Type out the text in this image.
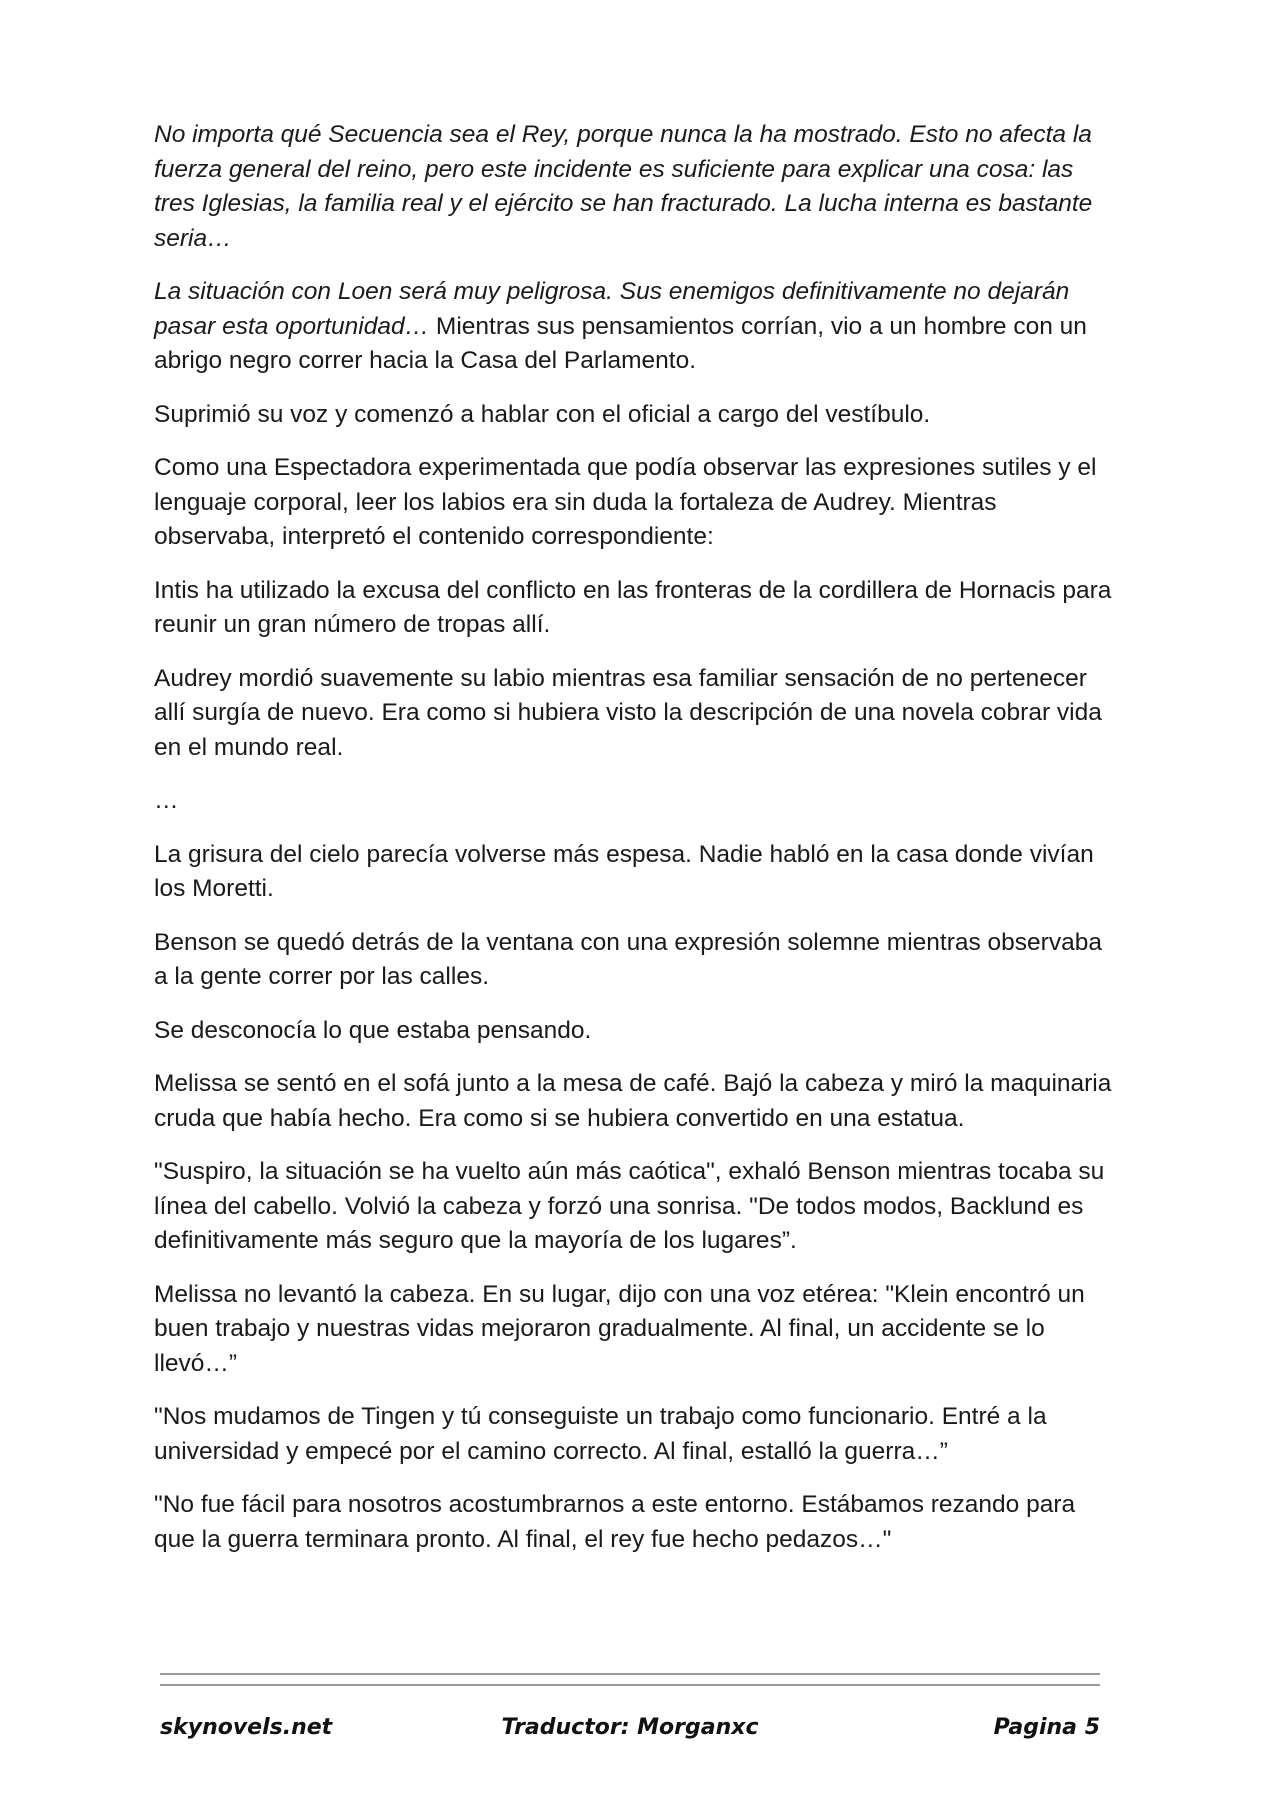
No importa qué Secuencia sea el Rey, porque nunca la ha mostrado. Esto no afecta la fuerza general del reino, pero este incidente es suficiente para explicar una cosa: las tres Iglesias, la familia real y el ejército se han fracturado. La lucha interna es bastante seria…

La situación con Loen será muy peligrosa. Sus enemigos definitivamente no dejarán pasar esta oportunidad… Mientras sus pensamientos corrían, vio a un hombre con un abrigo negro correr hacia la Casa del Parlamento.

Suprimió su voz y comenzó a hablar con el oficial a cargo del vestíbulo.

Como una Espectadora experimentada que podía observar las expresiones sutiles y el lenguaje corporal, leer los labios era sin duda la fortaleza de Audrey. Mientras observaba, interpretó el contenido correspondiente:

Intis ha utilizado la excusa del conflicto en las fronteras de la cordillera de Hornacis para reunir un gran número de tropas allí.

Audrey mordió suavemente su labio mientras esa familiar sensación de no pertenecer allí surgía de nuevo. Era como si hubiera visto la descripción de una novela cobrar vida en el mundo real.

…

La grisura del cielo parecía volverse más espesa. Nadie habló en la casa donde vivían los Moretti.

Benson se quedó detrás de la ventana con una expresión solemne mientras observaba a la gente correr por las calles.

Se desconocía lo que estaba pensando.

Melissa se sentó en el sofá junto a la mesa de café. Bajó la cabeza y miró la maquinaria cruda que había hecho. Era como si se hubiera convertido en una estatua.

"Suspiro, la situación se ha vuelto aún más caótica", exhaló Benson mientras tocaba su línea del cabello. Volvió la cabeza y forzó una sonrisa. "De todos modos, Backlund es definitivamente más seguro que la mayoría de los lugares”.

Melissa no levantó la cabeza. En su lugar, dijo con una voz etérea: "Klein encontró un buen trabajo y nuestras vidas mejoraron gradualmente. Al final, un accidente se lo llevó…”

"Nos mudamos de Tingen y tú conseguiste un trabajo como funcionario. Entré a la universidad y empecé por el camino correcto. Al final, estalló la guerra…”

"No fue fácil para nosotros acostumbrarnos a este entorno. Estábamos rezando para que la guerra terminara pronto. Al final, el rey fue hecho pedazos…"

skynovels.net	Traductor: Morganxc	Pagina 5
